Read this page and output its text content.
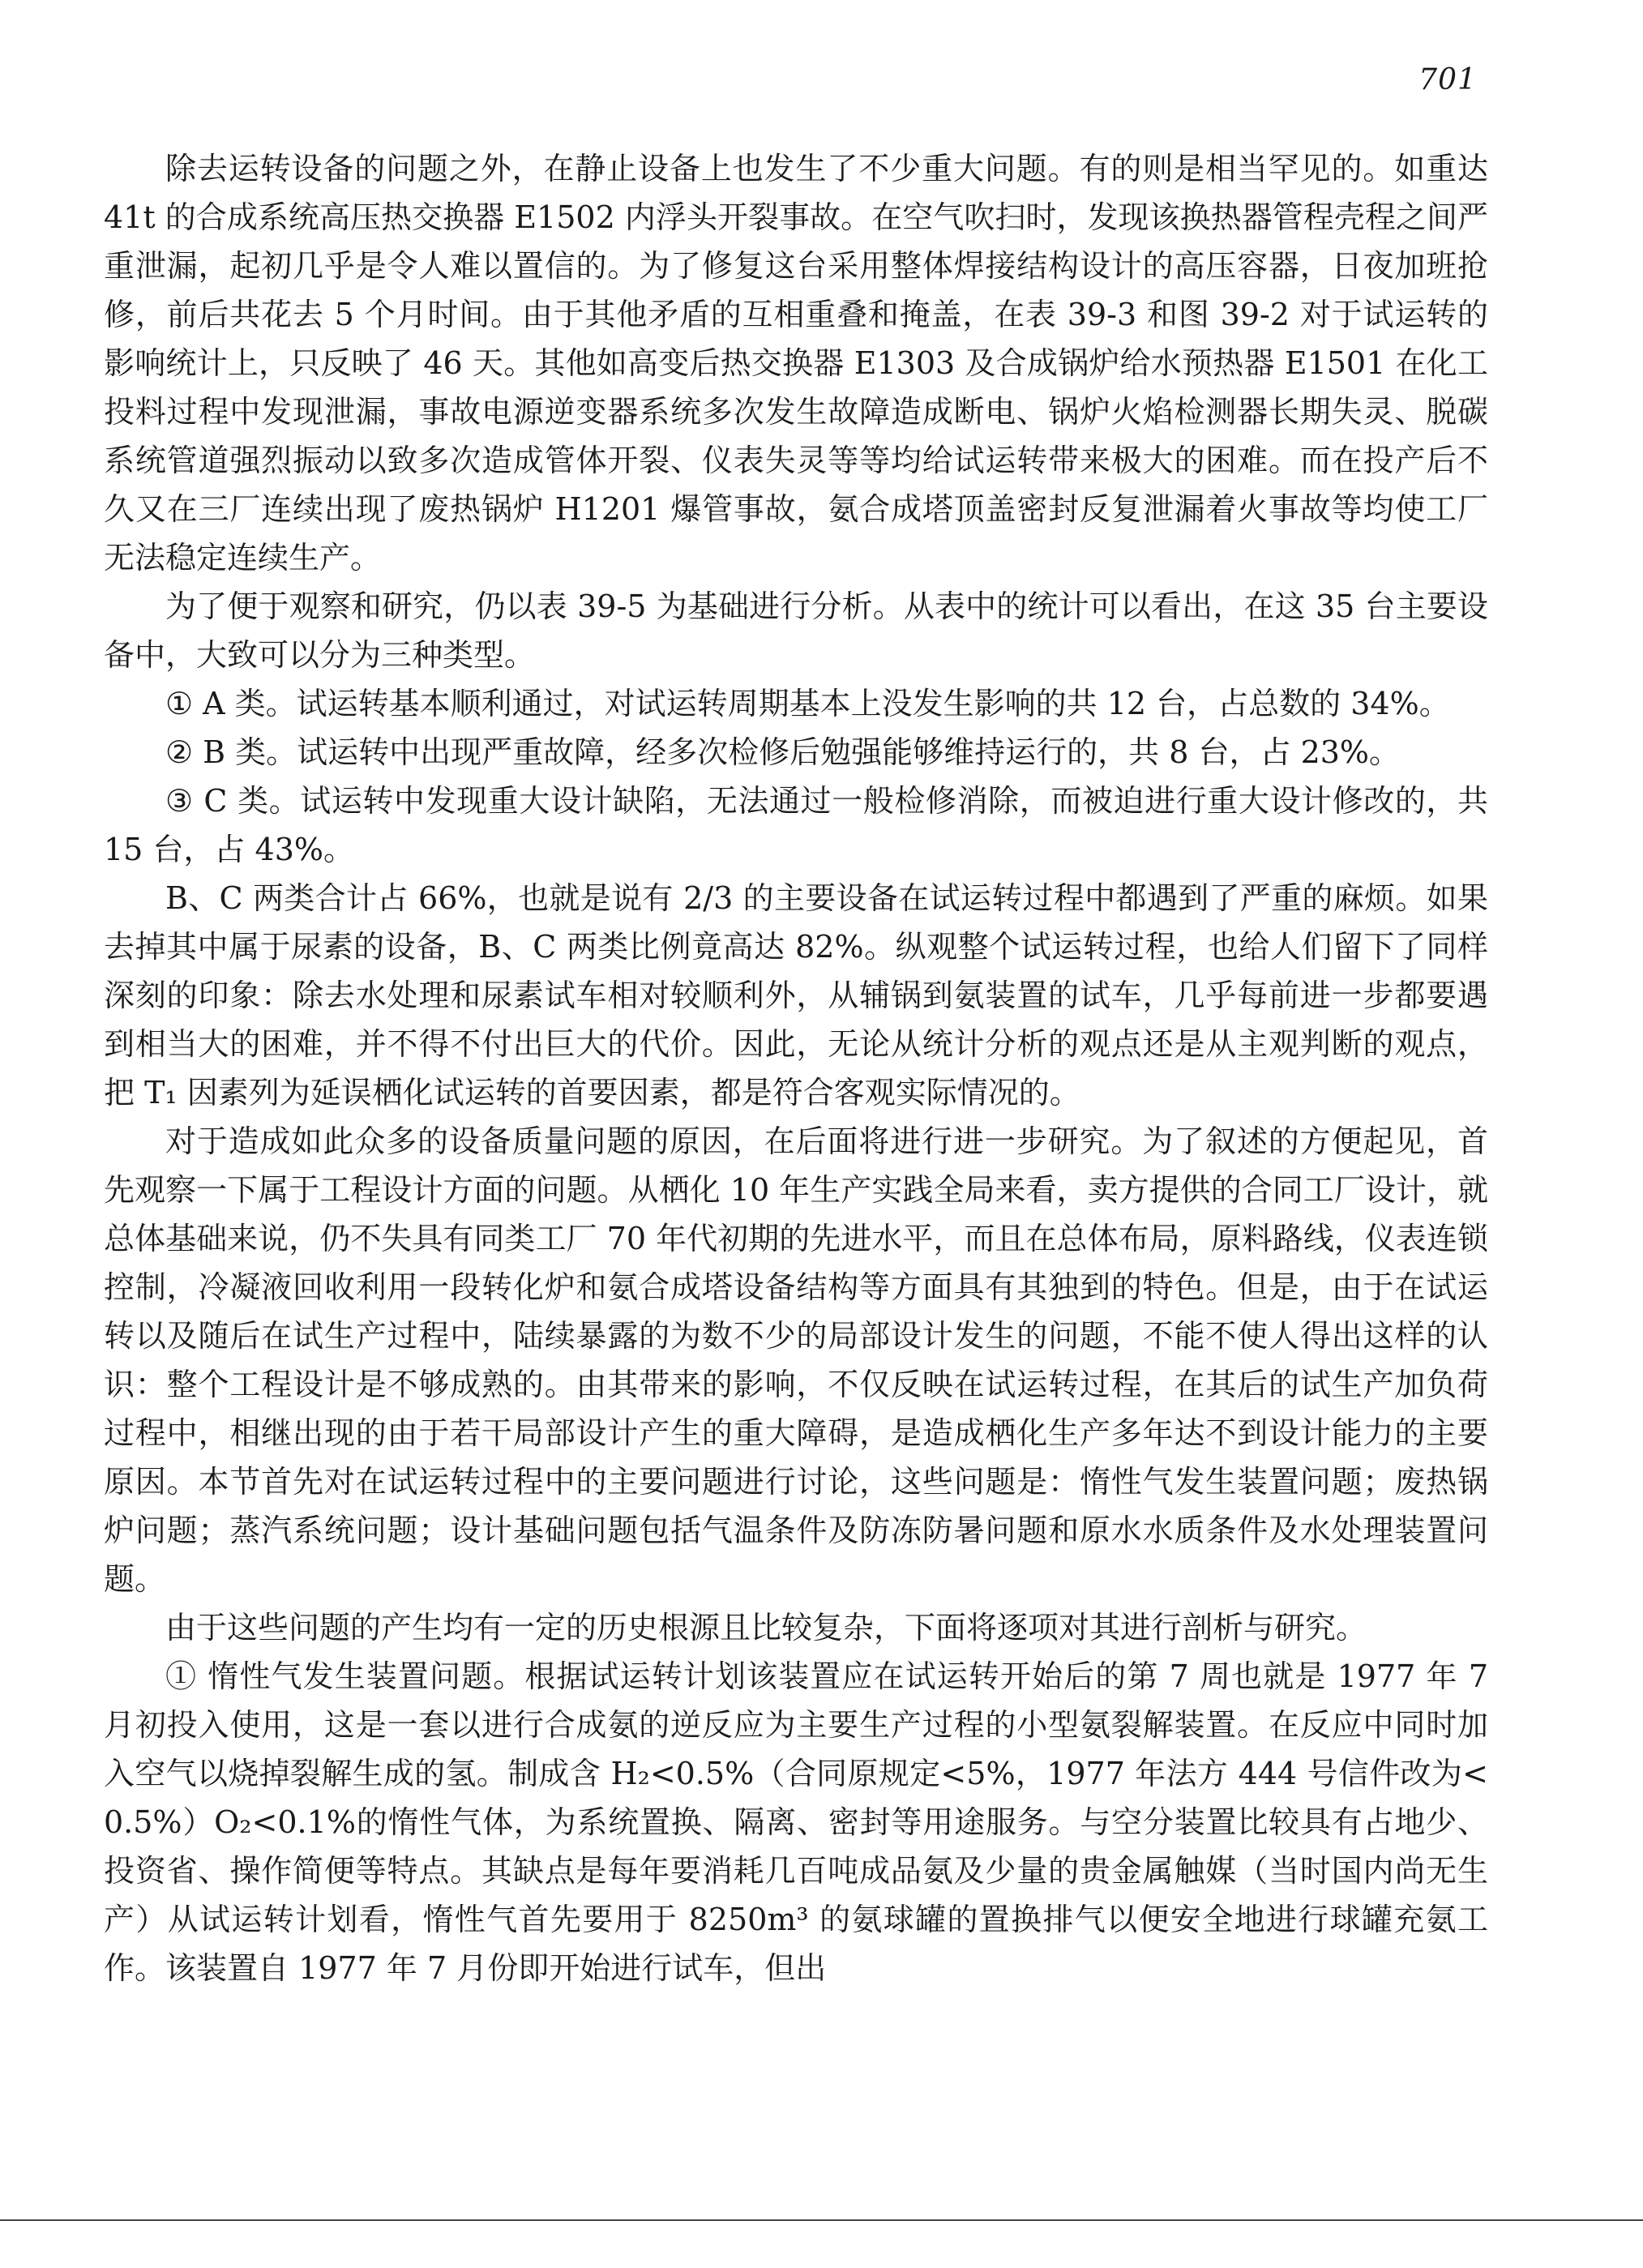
701

除去运转设备的问题之外，在静止设备上也发生了不少重大问题。有的则是相当罕见的。如重达 41t 的合成系统高压热交换器 E1502 内浮头开裂事故。在空气吹扫时，发现该换热器管程壳程之间严重泄漏，起初几乎是令人难以置信的。为了修复这台采用整体焊接结构设计的高压容器，日夜加班抢修，前后共花去 5 个月时间。由于其他矛盾的互相重叠和掩盖，在表 39-3 和图 39-2 对于试运转的影响统计上，只反映了 46 天。其他如高变后热交换器 E1303 及合成锅炉给水预热器 E1501 在化工投料过程中发现泄漏，事故电源逆变器系统多次发生故障造成断电、锅炉火焰检测器长期失灵、脱碳系统管道强烈振动以致多次造成管体开裂、仪表失灵等等均给试运转带来极大的困难。而在投产后不久又在三厂连续出现了废热锅炉 H1201 爆管事故，氨合成塔顶盖密封反复泄漏着火事故等均使工厂无法稳定连续生产。

为了便于观察和研究，仍以表 39-5 为基础进行分析。从表中的统计可以看出，在这 35 台主要设备中，大致可以分为三种类型。

① A 类。试运转基本顺利通过，对试运转周期基本上没发生影响的共 12 台，占总数的 34%。

② B 类。试运转中出现严重故障，经多次检修后勉强能够维持运行的，共 8 台，占 23%。

③ C 类。试运转中发现重大设计缺陷，无法通过一般检修消除，而被迫进行重大设计修改的，共 15 台，占 43%。

B、C 两类合计占 66%，也就是说有 2/3 的主要设备在试运转过程中都遇到了严重的麻烦。如果去掉其中属于尿素的设备，B、C 两类比例竟高达 82%。纵观整个试运转过程，也给人们留下了同样深刻的印象：除去水处理和尿素试车相对较顺利外，从辅锅到氨装置的试车，几乎每前进一步都要遇到相当大的困难，并不得不付出巨大的代价。因此，无论从统计分析的观点还是从主观判断的观点，把 T₁ 因素列为延误栖化试运转的首要因素，都是符合客观实际情况的。

对于造成如此众多的设备质量问题的原因，在后面将进行进一步研究。为了叙述的方便起见，首先观察一下属于工程设计方面的问题。从栖化 10 年生产实践全局来看，卖方提供的合同工厂设计，就总体基础来说，仍不失具有同类工厂 70 年代初期的先进水平，而且在总体布局，原料路线，仪表连锁控制，冷凝液回收利用一段转化炉和氨合成塔设备结构等方面具有其独到的特色。但是，由于在试运转以及随后在试生产过程中，陆续暴露的为数不少的局部设计发生的问题，不能不使人得出这样的认识：整个工程设计是不够成熟的。由其带来的影响，不仅反映在试运转过程，在其后的试生产加负荷过程中，相继出现的由于若干局部设计产生的重大障碍，是造成栖化生产多年达不到设计能力的主要原因。本节首先对在试运转过程中的主要问题进行讨论，这些问题是：惰性气发生装置问题；废热锅炉问题；蒸汽系统问题；设计基础问题包括气温条件及防冻防暑问题和原水水质条件及水处理装置问题。

由于这些问题的产生均有一定的历史根源且比较复杂，下面将逐项对其进行剖析与研究。

① 惰性气发生装置问题。根据试运转计划该装置应在试运转开始后的第 7 周也就是 1977 年 7 月初投入使用，这是一套以进行合成氨的逆反应为主要生产过程的小型氨裂解装置。在反应中同时加入空气以烧掉裂解生成的氢。制成含 H₂<0.5%（合同原规定<5%，1977 年法方 444 号信件改为<0.5%）O₂<0.1%的惰性气体，为系统置换、隔离、密封等用途服务。与空分装置比较具有占地少、投资省、操作简便等特点。其缺点是每年要消耗几百吨成品氨及少量的贵金属触媒（当时国内尚无生产）从试运转计划看，惰性气首先要用于 8250m³ 的氨球罐的置换排气以便安全地进行球罐充氨工作。该装置自 1977 年 7 月份即开始进行试车，但出
